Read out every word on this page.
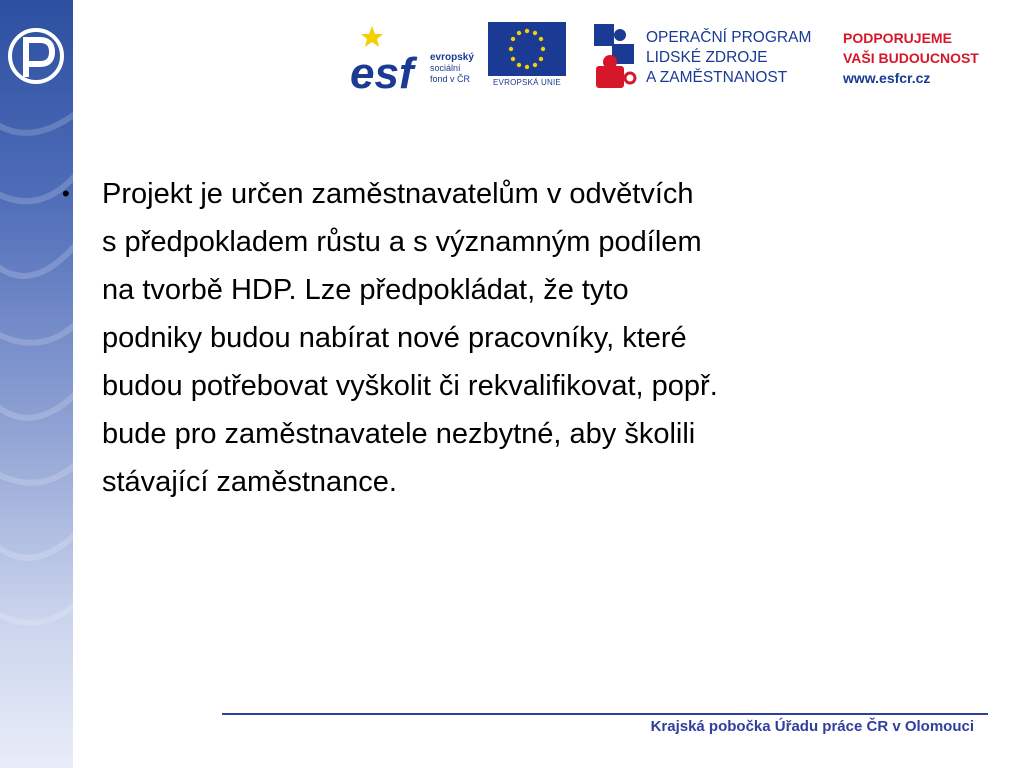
esf	evropský
sociální
fond v ČR	EVROPSKÁ UNIE
OPERAČNÍ PROGRAM
LIDSKÉ ZDROJE
A ZAMĚSTNANOST
PODPORUJEME
VAŠI BUDOUCNOST
www.esfcr.cz
•	Projekt je určen zaměstnavatelům v odvětvích
s předpokladem růstu a s významným podílem
na tvorbě HDP. Lze předpokládat, že tyto
podniky budou nabírat nové pracovníky, které
budou potřebovat vyškolit či rekvalifikovat, popř.
bude pro zaměstnavatele nezbytné, aby školili
stávající zaměstnance.
Krajská pobočka Úřadu práce ČR v Olomouci
